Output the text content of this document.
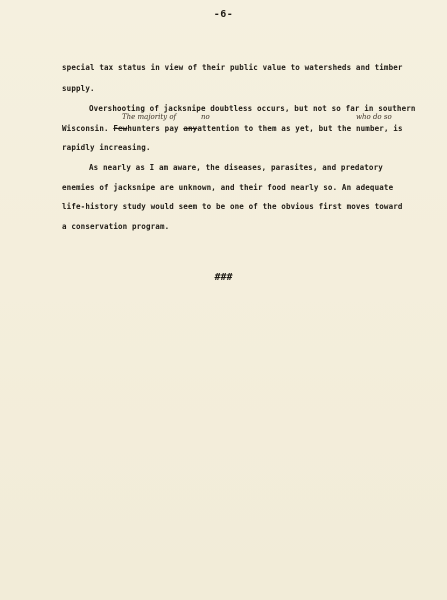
-6-
special tax status in view of their public value to watersheds and timber
supply.
Overshooting of jacksnipe doubtless occurs, but not so far in southern
The majority of	no	who do so
Wisconsin. Fewhunters pay anyattention to them as yet, but the number, is
rapidly increasing.
As nearly as I am aware, the diseases, parasites, and predatory
enemies of jacksnipe are unknown, and their food nearly so. An adequate
life-history study would seem to be one of the obvious first moves toward
a conservation program.
###
